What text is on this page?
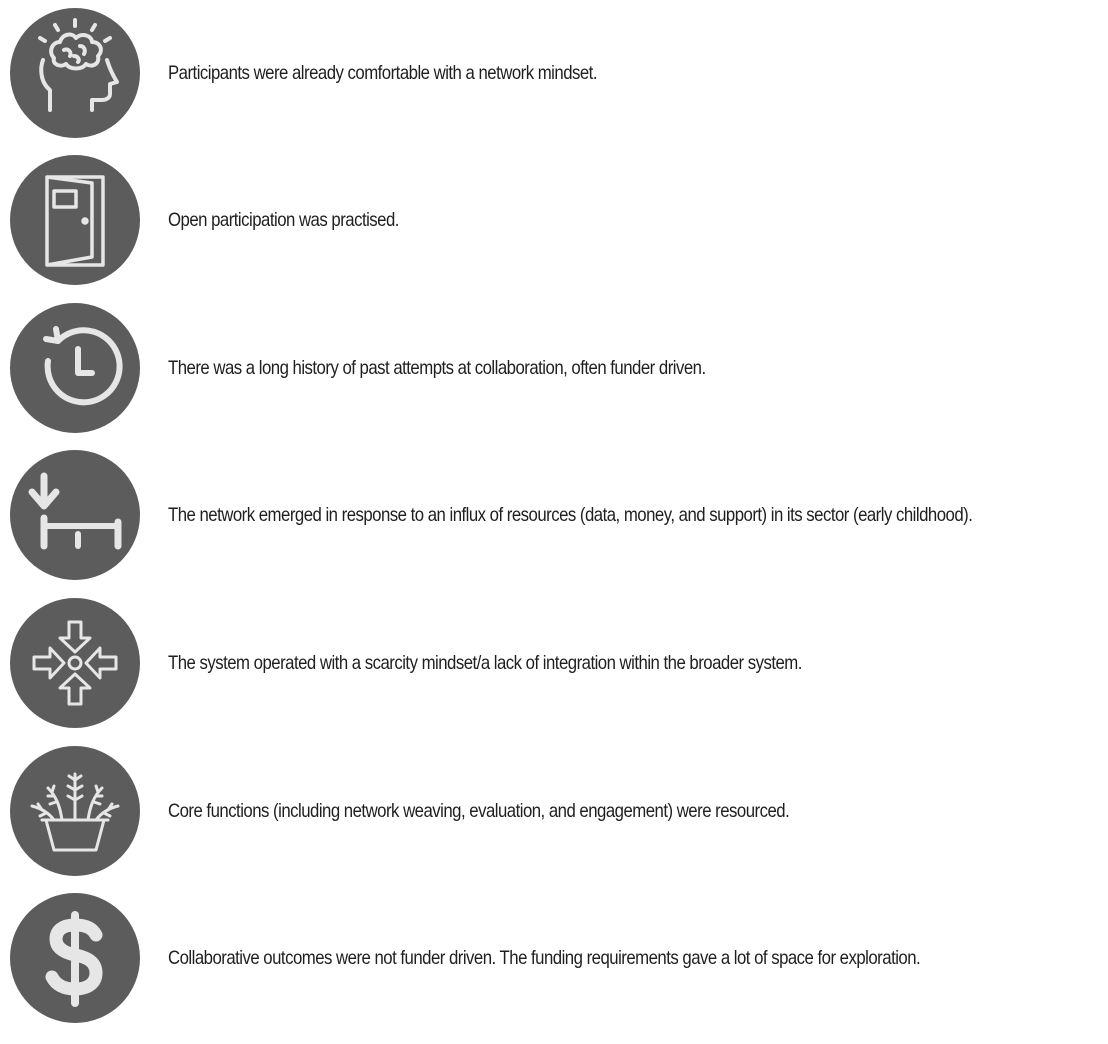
Participants were already comfortable with a network mindset.
Open participation was practised.
There was a long history of past attempts at collaboration, often funder driven.
The network emerged in response to an influx of resources (data, money, and support) in its sector (early childhood).
The system operated with a scarcity mindset/a lack of integration within the broader system.
Core functions (including network weaving, evaluation, and engagement) were resourced.
Collaborative outcomes were not funder driven. The funding requirements gave a lot of space for exploration.
